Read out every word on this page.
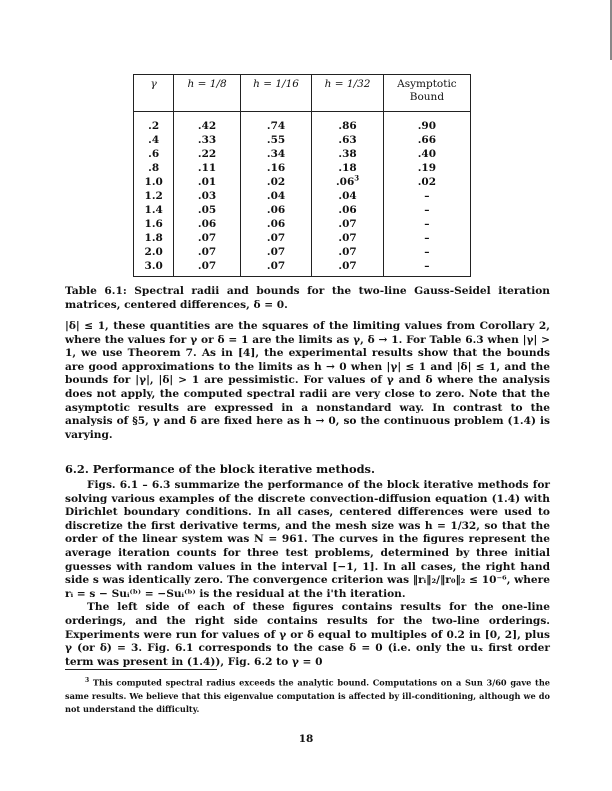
γ	h = 1/8	h = 1/16	h = 1/32	Asymptotic
Bound
.2	.42	.74	.86	.90
.4	.33	.55	.63	.66
.6	.22	.34	.38	.40
.8	.11	.16	.18	.19
1.0	.01	.02	$.06^3$	.02
1.2	.03	.04	.04	–
1.4	.05	.06	.06	–
1.6	.06	.06	.07	–
1.8	.07	.07	.07	–
2.0	.07	.07	.07	–
3.0	.07	.07	.07	–

Table 6.1: Spectral radii and bounds for the two-line Gauss-Seidel iteration matrices, centered differences, δ = 0.

|δ| ≤ 1, these quantities are the squares of the limiting values from Corollary 2, where the values for γ or δ = 1 are the limits as γ, δ → 1. For Table 6.3 when |γ| > 1, we use Theorem 7. As in [4], the experimental results show that the bounds are good approximations to the limits as h → 0 when |γ| ≤ 1 and |δ| ≤ 1, and the bounds for |γ|, |δ| > 1 are pessimistic. For values of γ and δ where the analysis does not apply, the computed spectral radii are very close to zero. Note that the asymptotic results are expressed in a nonstandard way. In contrast to the analysis of §5, γ and δ are fixed here as h → 0, so the continuous problem (1.4) is varying.

6.2. Performance of the block iterative methods.

Figs. 6.1 – 6.3 summarize the performance of the block iterative methods for solving various examples of the discrete convection-diffusion equation (1.4) with Dirichlet boundary conditions. In all cases, centered differences were used to discretize the first derivative terms, and the mesh size was h = 1/32, so that the order of the linear system was N = 961. The curves in the figures represent the average iteration counts for three test problems, determined by three initial guesses with random values in the interval [−1, 1]. In all cases, the right hand side s was identically zero. The convergence criterion was ‖rᵢ‖₂/‖r₀‖₂ ≤ 10⁻⁶, where rᵢ = s − Suᵢ⁽ᵇ⁾ = −Suᵢ⁽ᵇ⁾ is the residual at the i'th iteration.

The left side of each of these figures contains results for the one-line orderings, and the right side contains results for the two-line orderings. Experiments were run for values of γ or δ equal to multiples of 0.2 in [0, 2], plus γ (or δ) = 3. Fig. 6.1 corresponds to the case δ = 0 (i.e. only the uₓ first order term was present in (1.4)), Fig. 6.2 to γ = 0

$^3$ This computed spectral radius exceeds the analytic bound. Computations on a Sun 3/60 gave the same results. We believe that this eigenvalue computation is affected by ill-conditioning, although we do not understand the difficulty.

18
